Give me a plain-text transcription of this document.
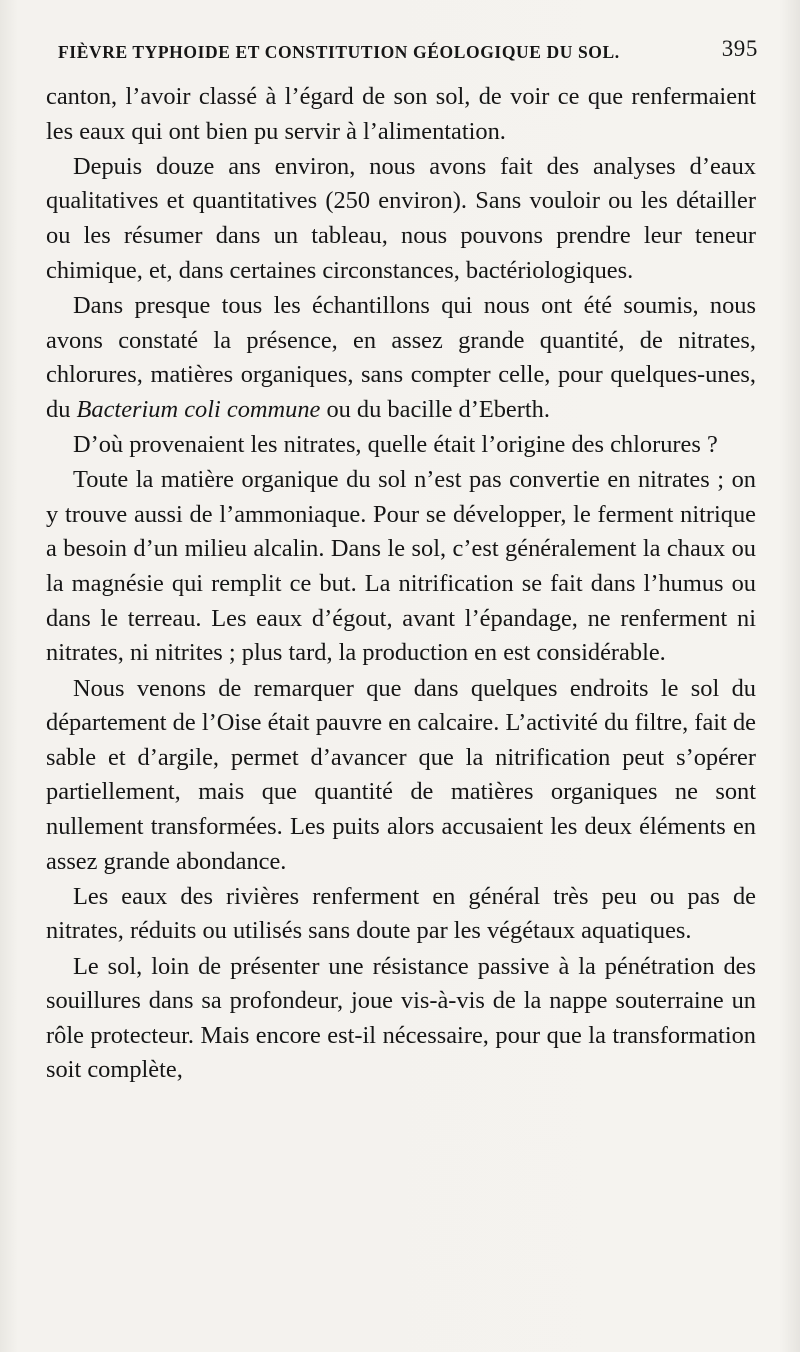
FIÈVRE TYPHOIDE ET CONSTITUTION GÉOLOGIQUE DU SOL.	395

canton, l’avoir classé à l’égard de son sol, de voir ce que renfermaient les eaux qui ont bien pu servir à l’alimentation.

Depuis douze ans environ, nous avons fait des analyses d’eaux qualitatives et quantitatives (250 environ). Sans vouloir ou les détailler ou les résumer dans un tableau, nous pouvons prendre leur teneur chimique, et, dans certaines circonstances, bactériologiques.

Dans presque tous les échantillons qui nous ont été soumis, nous avons constaté la présence, en assez grande quantité, de nitrates, chlorures, matières organiques, sans compter celle, pour quelques-unes, du Bacterium coli commune ou du bacille d’Eberth.

D’où provenaient les nitrates, quelle était l’origine des chlorures ?

Toute la matière organique du sol n’est pas convertie en nitrates ; on y trouve aussi de l’ammoniaque. Pour se développer, le ferment nitrique a besoin d’un milieu alcalin. Dans le sol, c’est généralement la chaux ou la magnésie qui remplit ce but. La nitrification se fait dans l’humus ou dans le terreau. Les eaux d’égout, avant l’épandage, ne renferment ni nitrates, ni nitrites ; plus tard, la production en est considérable.

Nous venons de remarquer que dans quelques endroits le sol du département de l’Oise était pauvre en calcaire. L’activité du filtre, fait de sable et d’argile, permet d’avancer que la nitrification peut s’opérer partiellement, mais que quantité de matières organiques ne sont nullement transformées. Les puits alors accusaient les deux éléments en assez grande abondance.

Les eaux des rivières renferment en général très peu ou pas de nitrates, réduits ou utilisés sans doute par les végétaux aquatiques.

Le sol, loin de présenter une résistance passive à la pénétration des souillures dans sa profondeur, joue vis-à-vis de la nappe souterraine un rôle protecteur. Mais encore est-il nécessaire, pour que la transformation soit complète,
